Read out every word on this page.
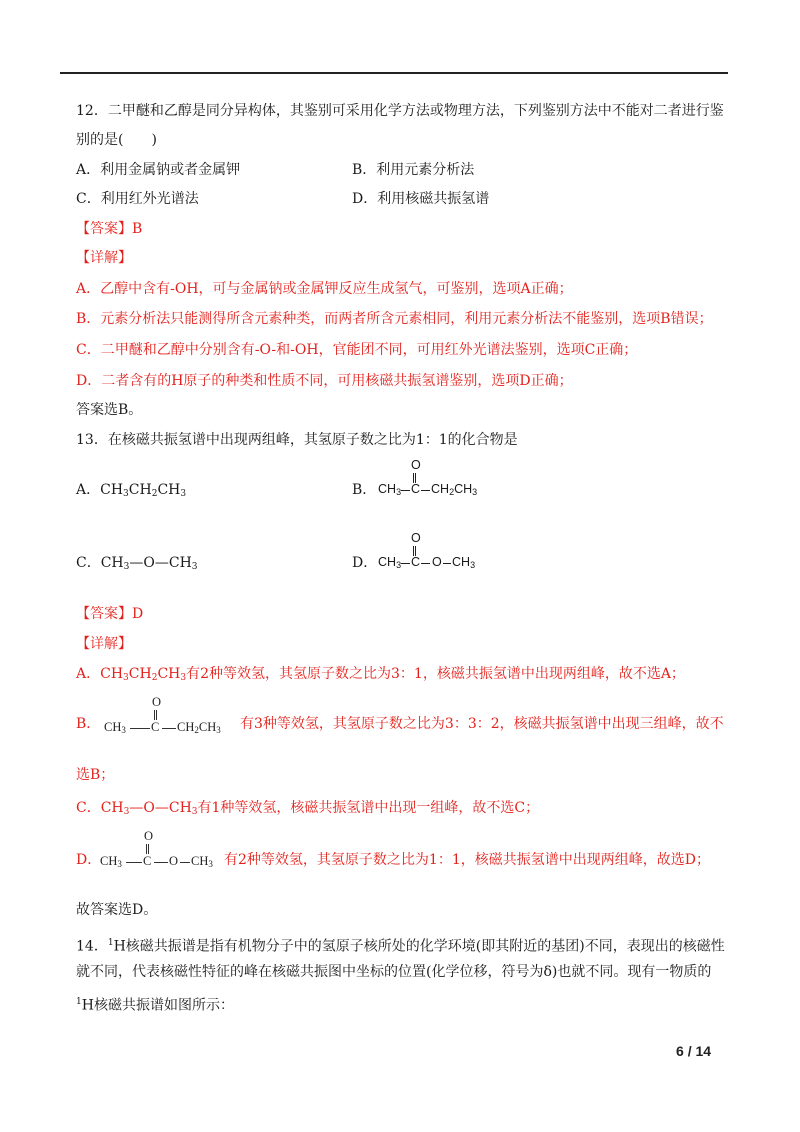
12．二甲醚和乙醇是同分异构体，其鉴别可采用化学方法或物理方法，下列鉴别方法中不能对二者进行鉴
别的是(　　)
A．利用金属钠或者金属钾	B．利用元素分析法
C．利用红外光谱法	D．利用核磁共振氢谱
【答案】B
【详解】
A．乙醇中含有-OH，可与金属钠或金属钾反应生成氢气，可鉴别，选项A正确；
B．元素分析法只能测得所含元素种类，而两者所含元素相同，利用元素分析法不能鉴别，选项B错误；
C．二甲醚和乙醇中分别含有-O-和-OH，官能团不同，可用红外光谱法鉴别，选项C正确；
D．二者含有的H原子的种类和性质不同，可用核磁共振氢谱鉴别，选项D正确；
答案选B。
13．在核磁共振氢谱中出现两组峰，其氢原子数之比为1：1的化合物是
A．$CH_3CH_2CH_3$	B．
O
$CH_3$ C $CH_2CH_3$
C．$CH_3—O—CH_3$	D．
O
$CH_3$ C O $CH_3$
【答案】D
【详解】
A．$CH_3CH_2CH_3$有2种等效氢，其氢原子数之比为3：1，核磁共振氢谱中出现两组峰，故不选A；
B．
O
$CH_3$ C $CH_2CH_3$ 有3种等效氢，其氢原子数之比为3：3：2，核磁共振氢谱中出现三组峰，故不
选B；
C．$CH_3—O—CH_3$有1种等效氢，核磁共振氢谱中出现一组峰，故不选C；
D．
O
$CH_3$ C O $CH_3$ 有2种等效氢，其氢原子数之比为1：1，核磁共振氢谱中出现两组峰，故选D；
故答案选D。
14．$^1$H核磁共振谱是指有机物分子中的氢原子核所处的化学环境(即其附近的基团)不同，表现出的核磁性
就不同，代表核磁性特征的峰在核磁共振图中坐标的位置(化学位移，符号为δ)也就不同。现有一物质的
$^1$H核磁共振谱如图所示：
6 / 14
